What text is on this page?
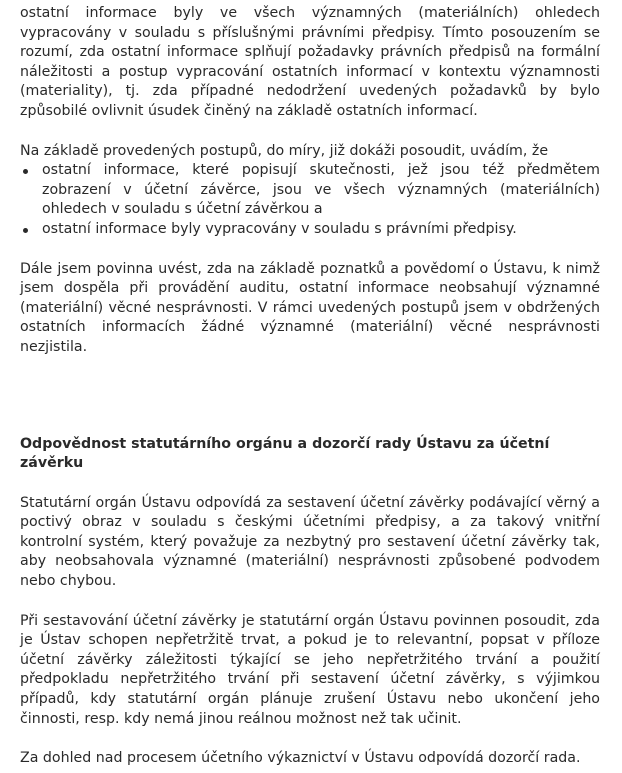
ostatní informace byly ve všech významných (materiálních) ohledech vypracovány v souladu s příslušnými právními předpisy. Tímto posouzením se rozumí, zda ostatní informace splňují požadavky právních předpisů na formální náležitosti a postup vypracování ostatních informací v kontextu významnosti (materiality), tj. zda případné nedodržení uvedených požadavků by bylo způsobilé ovlivnit úsudek činěný na základě ostatních informací.

Na základě provedených postupů, do míry, již dokáži posoudit, uvádím, že

ostatní informace, které popisují skutečnosti, jež jsou též předmětem zobrazení v účetní závěrce, jsou ve všech významných (materiálních) ohledech v souladu s účetní závěrkou a
ostatní informace byly vypracovány v souladu s právními předpisy.

Dále jsem povinna uvést, zda na základě poznatků a povědomí o Ústavu, k nimž jsem dospěla při provádění auditu, ostatní informace neobsahují významné (materiální) věcné nesprávnosti. V rámci uvedených postupů jsem v obdržených ostatních informacích žádné významné (materiální) věcné nesprávnosti nezjistila.

Odpovědnost statutárního orgánu a dozorčí rady Ústavu za účetní závěrku

Statutární orgán Ústavu odpovídá za sestavení účetní závěrky podávající věrný a poctivý obraz v souladu s českými účetními předpisy, a za takový vnitřní kontrolní systém, který považuje za nezbytný pro sestavení účetní závěrky tak, aby neobsahovala významné (materiální) nesprávnosti způsobené podvodem nebo chybou.

Při sestavování účetní závěrky je statutární orgán Ústavu povinnen posoudit, zda je Ústav schopen nepřetržitě trvat, a pokud je to relevantní, popsat v příloze účetní závěrky záležitosti týkající se jeho nepřetržitého trvání a použití předpokladu nepřetržitého trvání při sestavení účetní závěrky, s výjimkou případů, kdy statutární orgán plánuje zrušení Ústavu nebo ukončení jeho činnosti, resp. kdy nemá jinou reálnou možnost než tak učinit.

Za dohled nad procesem účetního výkaznictví v Ústavu odpovídá dozorčí rada.
